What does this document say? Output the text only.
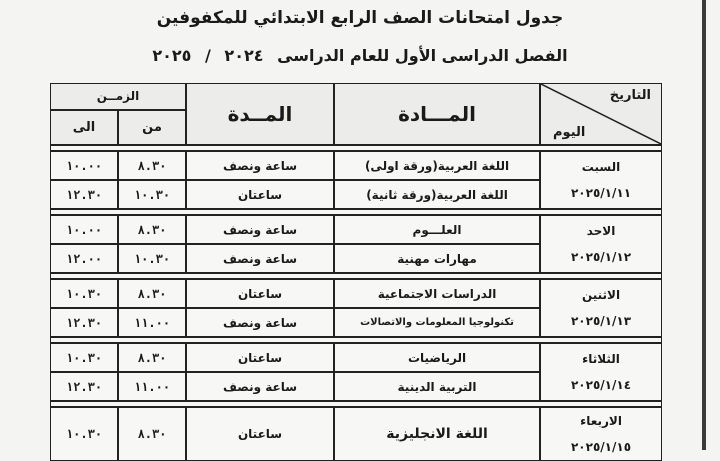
جدول امتحانات الصف الرابع الابتدائي للمكفوفين
الفصل الدراسى الأول للعام الدراسى ٢٠٢٤ / ٢٠٢٥
التاريخ
اليوم	المـــادة	المــدة	الزمــن	
			من	الى

السبت
٢٠٢٥/١/١١	اللغة العربية(ورقة اولى)	ساعة ونصف	٨.٣٠	١٠.٠٠
	اللغة العربية(ورقة ثانية)	ساعتان	١٠.٣٠	١٢.٣٠

الاحد
٢٠٢٥/١/١٢	العلـــوم	ساعة ونصف	٨.٣٠	١٠.٠٠
	مهارات مهنية	ساعة ونصف	١٠.٣٠	١٢.٠٠

الاثنين
٢٠٢٥/١/١٣	الدراسات الاجتماعية	ساعتان	٨.٣٠	١٠.٣٠
	تكنولوجيا المعلومات والاتصالات	ساعة ونصف	١١.٠٠	١٢.٣٠

الثلاثاء
٢٠٢٥/١/١٤	الرياضيات	ساعتان	٨.٣٠	١٠.٣٠
	التربية الدينية	ساعة ونصف	١١.٠٠	١٢.٣٠

الاربعاء
٢٠٢٥/١/١٥	اللغة الانجليزية	ساعتان	٨.٣٠	١٠.٣٠
